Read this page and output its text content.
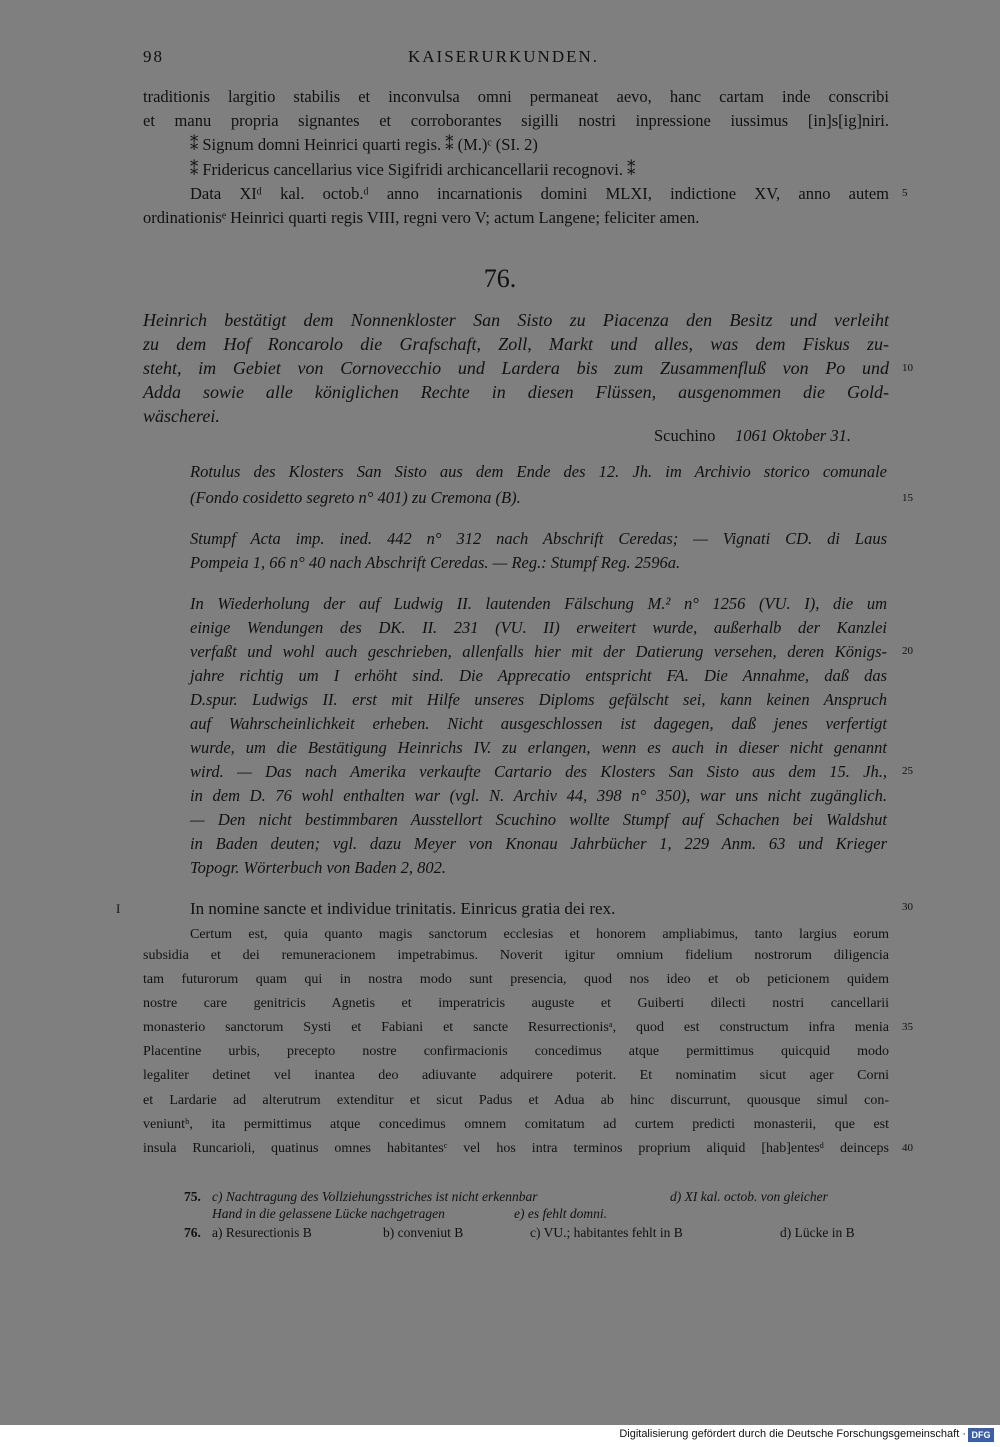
98	KAISERURKUNDEN.
traditionis largitio stabilis et inconvulsa omni permaneat aevo, hanc cartam inde conscribi
et manu propria signantes et corroborantes sigilli nostri inpressione iussimus [in]s[ig]niri.
⁑ Signum domni Heinrici quarti regis. ⁑ (M.)ᶜ (SI. 2)
⁑ Fridericus cancellarius vice Sigifridi archicancellarii recognovi. ⁑
Data XIᵈ kal. octob.ᵈ anno incarnationis domini MLXI, indictione XV, anno autem
ordinationisᵉ Heinrici quarti regis VIII, regni vero V; actum Langene; feliciter amen.
76.
Heinrich bestätigt dem Nonnenkloster San Sisto zu Piacenza den Besitz und verleiht
zu dem Hof Roncarolo die Grafschaft, Zoll, Markt und alles, was dem Fiskus zu-
steht, im Gebiet von Cornovecchio und Lardera bis zum Zusammenfluß von Po und
Adda sowie alle königlichen Rechte in diesen Flüssen, ausgenommen die Gold-
wäscherei.
Scuchino 1061 Oktober 31.
Rotulus des Klosters San Sisto aus dem Ende des 12. Jh. im Archivio storico comunale
(Fondo cosidetto segreto n° 401) zu Cremona (B).
Stumpf Acta imp. ined. 442 n° 312 nach Abschrift Ceredas; — Vignati CD. di Laus
Pompeia 1, 66 n° 40 nach Abschrift Ceredas. — Reg.: Stumpf Reg. 2596a.
In Wiederholung der auf Ludwig II. lautenden Fälschung M.² n° 1256 (VU. I), die um
einige Wendungen des DK. II. 231 (VU. II) erweitert wurde, außerhalb der Kanzlei
verfaßt und wohl auch geschrieben, allenfalls hier mit der Datierung versehen, deren Königs-
jahre richtig um I erhöht sind. Die Apprecatio entspricht FA. Die Annahme, daß das
D.spur. Ludwigs II. erst mit Hilfe unseres Diploms gefälscht sei, kann keinen Anspruch
auf Wahrscheinlichkeit erheben. Nicht ausgeschlossen ist dagegen, daß jenes verfertigt
wurde, um die Bestätigung Heinrichs IV. zu erlangen, wenn es auch in dieser nicht genannt
wird. — Das nach Amerika verkaufte Cartario des Klosters San Sisto aus dem 15. Jh.,
in dem D. 76 wohl enthalten war (vgl. N. Archiv 44, 398 n° 350), war uns nicht zugänglich.
— Den nicht bestimmbaren Ausstellort Scuchino wollte Stumpf auf Schachen bei Waldshut
in Baden deuten; vgl. dazu Meyer von Knonau Jahrbücher 1, 229 Anm. 63 und Krieger
Topogr. Wörterbuch von Baden 2, 802.
I	In nomine sancte et individue trinitatis. Einricus gratia dei rex.
Certum est, quia quanto magis sanctorum ecclesias et honorem ampliabimus, tanto largius eorum
subsidia et dei remuneracionem impetrabimus. Noverit igitur omnium fidelium nostrorum diligencia
tam futurorum quam qui in nostra modo sunt presencia, quod nos ideo et ob peticionem quidem
nostre care genitricis Agnetis et imperatricis auguste et Guiberti dilecti nostri cancellarii
monasterio sanctorum Systi et Fabiani et sancte Resurrectionisᵃ, quod est constructum infra menia
Placentine urbis, precepto nostre confirmacionis concedimus atque permittimus quicquid modo
legaliter detinet vel inantea deo adiuvante adquirere poterit. Et nominatim sicut ager Corni
et Lardarie ad alterutrum extenditur et sicut Padus et Adua ab hinc discurrunt, quousque simul con-
veniuntᵇ, ita permittimus atque concedimus omnem comitatum ad curtem predicti monasterii, que est
insula Runcarioli, quatinus omnes habitantesᶜ vel hos intra terminos proprium aliquid [hab]entesᵈ deinceps
5
10
15
20
25
30
35
40
75. c) Nachtragung des Vollziehungsstriches ist nicht erkennbar	d) XI kal. octob. von gleicher
Hand in die gelassene Lücke nachgetragen	e) es fehlt domni.
76. a) Resurectionis B	b) conveniut B	c) VU.; habitantes fehlt in B	d) Lücke in B
Digitalisierung gefördert durch die Deutsche Forschungsgemeinschaft · DFG
